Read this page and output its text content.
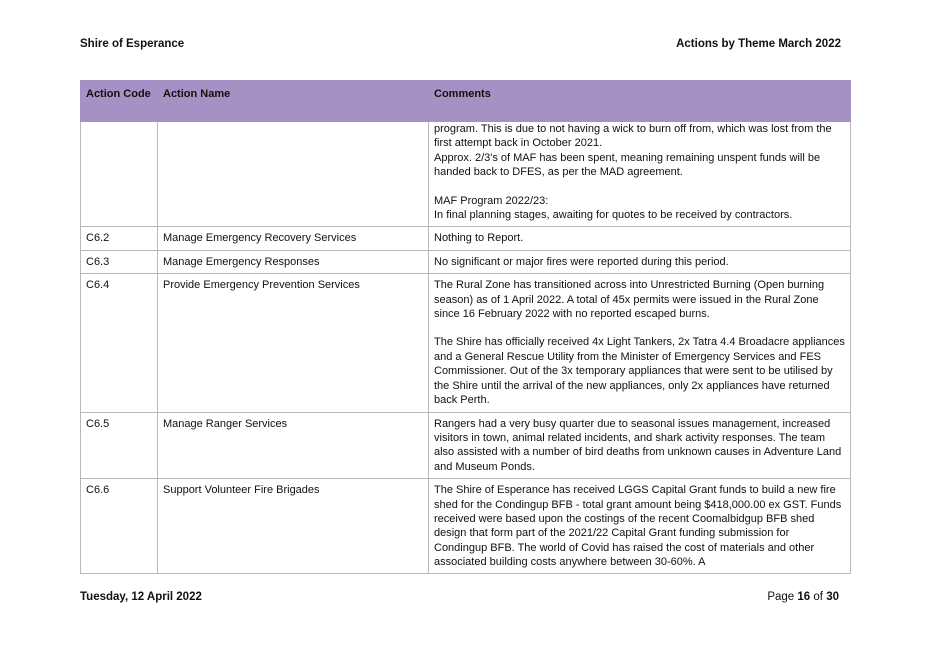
Shire of Esperance	Actions by Theme March 2022
Action Code	Action Name	Comments

		program. This is due to not having a wick to burn off from, which was lost from the first attempt back in October 2021.
Approx. 2/3's of MAF has been spent, meaning remaining unspent funds will be handed back to DFES, as per the MAD agreement.
MAF Program 2022/23:
In final planning stages, awaiting for quotes to be received by contractors.

C6.2	Manage Emergency Recovery Services	Nothing to Report.

C6.3	Manage Emergency Responses	No significant or major fires were reported during this period.

C6.4	Provide Emergency Prevention Services	The Rural Zone has transitioned across into Unrestricted Burning (Open burning season) as of 1 April 2022. A total of 45x permits were issued in the Rural Zone since 16 February 2022 with no reported escaped burns.
The Shire has officially received 4x Light Tankers, 2x Tatra 4.4 Broadacre appliances and a General Rescue Utility from the Minister of Emergency Services and FES Commissioner. Out of the 3x temporary appliances that were sent to be utilised by the Shire until the arrival of the new appliances, only 2x appliances have returned back Perth.

C6.5	Manage Ranger Services	Rangers had a very busy quarter due to seasonal issues management, increased visitors in town, animal related incidents, and shark activity responses. The team also assisted with a number of bird deaths from unknown causes in Adventure Land and Museum Ponds.

C6.6	Support Volunteer Fire Brigades	The Shire of Esperance has received LGGS Capital Grant funds to build a new fire shed for the Condingup BFB - total grant amount being $418,000.00 ex GST. Funds received were based upon the costings of the recent Coomalbidgup BFB shed design that form part of the 2021/22 Capital Grant funding submission for Condingup BFB. The world of Covid has raised the cost of materials and other associated building costs anywhere between 30-60%. A
Tuesday, 12 April 2022	Page 16 of 30
